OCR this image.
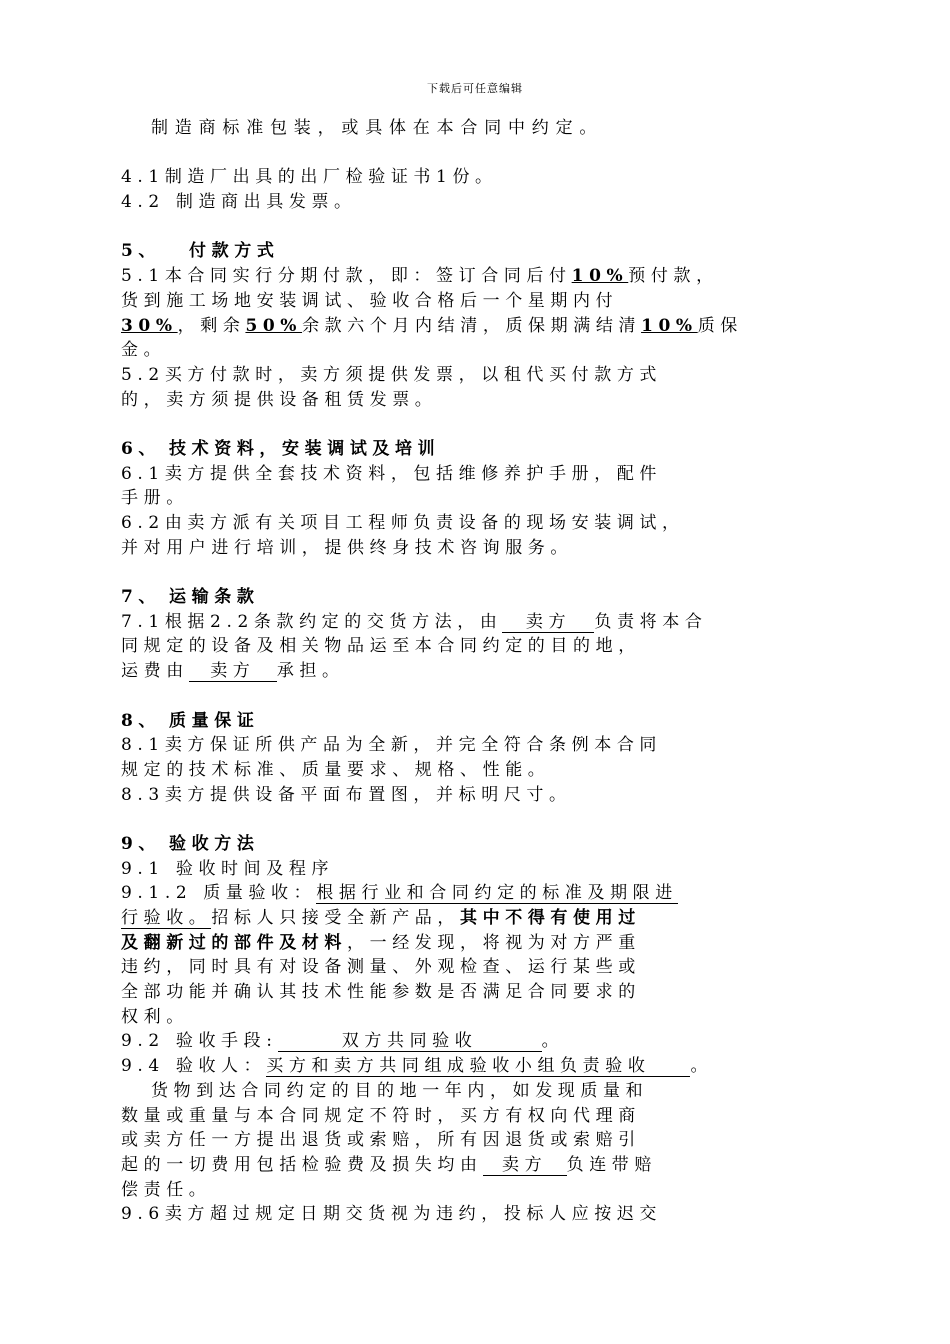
下载后可任意编辑
制造商标准包装，或具体在本合同中约定。
4.1制造厂出具的出厂检验证书1份。
4.2 制造商出具发票。
5、 付款方式
5.1本合同实行分期付款，即：签订合同后付10%预付款，
货到施工场地安装调试、验收合格后一个星期内付
30%，剩余50%余款六个月内结清，质保期满结清10%质保
金。
5.2买方付款时，卖方须提供发票，以租代买付款方式
的，卖方须提供设备租赁发票。
6、 技术资料，安装调试及培训
6.1卖方提供全套技术资料，包括维修养护手册，配件
手册。
6.2由卖方派有关项目工程师负责设备的现场安装调试，
并对用户进行培训，提供终身技术咨询服务。
7、 运输条款
7.1根据2.2条款约定的交货方法，由 卖方 负责将本合
同规定的设备及相关物品运至本合同约定的目的地，
运费由 卖方 承担。
8、 质量保证
8.1卖方保证所供产品为全新，并完全符合条例本合同
规定的技术标准、质量要求、规格、性能。
8.3卖方提供设备平面布置图，并标明尺寸。
9、 验收方法
9.1 验收时间及程序
9.1.2 质量验收：根据行业和合同约定的标准及期限进
行验收。招标人只接受全新产品，其中不得有使用过
及翻新过的部件及材料，一经发现，将视为对方严重
违约，同时具有对设备测量、外观检查、运行某些或
全部功能并确认其技术性能参数是否满足合同要求的
权利。
9.2 验收手段:	双方共同验收	。
9.4 验收人：买方和卖方共同组成验收小组负责验收 。
货物到达合同约定的目的地一年内，如发现质量和
数量或重量与本合同规定不符时，买方有权向代理商
或卖方任一方提出退货或索赔，所有因退货或索赔引
起的一切费用包括检验费及损失均由 卖方 负连带赔
偿责任。
9.6卖方超过规定日期交货视为违约，投标人应按迟交
